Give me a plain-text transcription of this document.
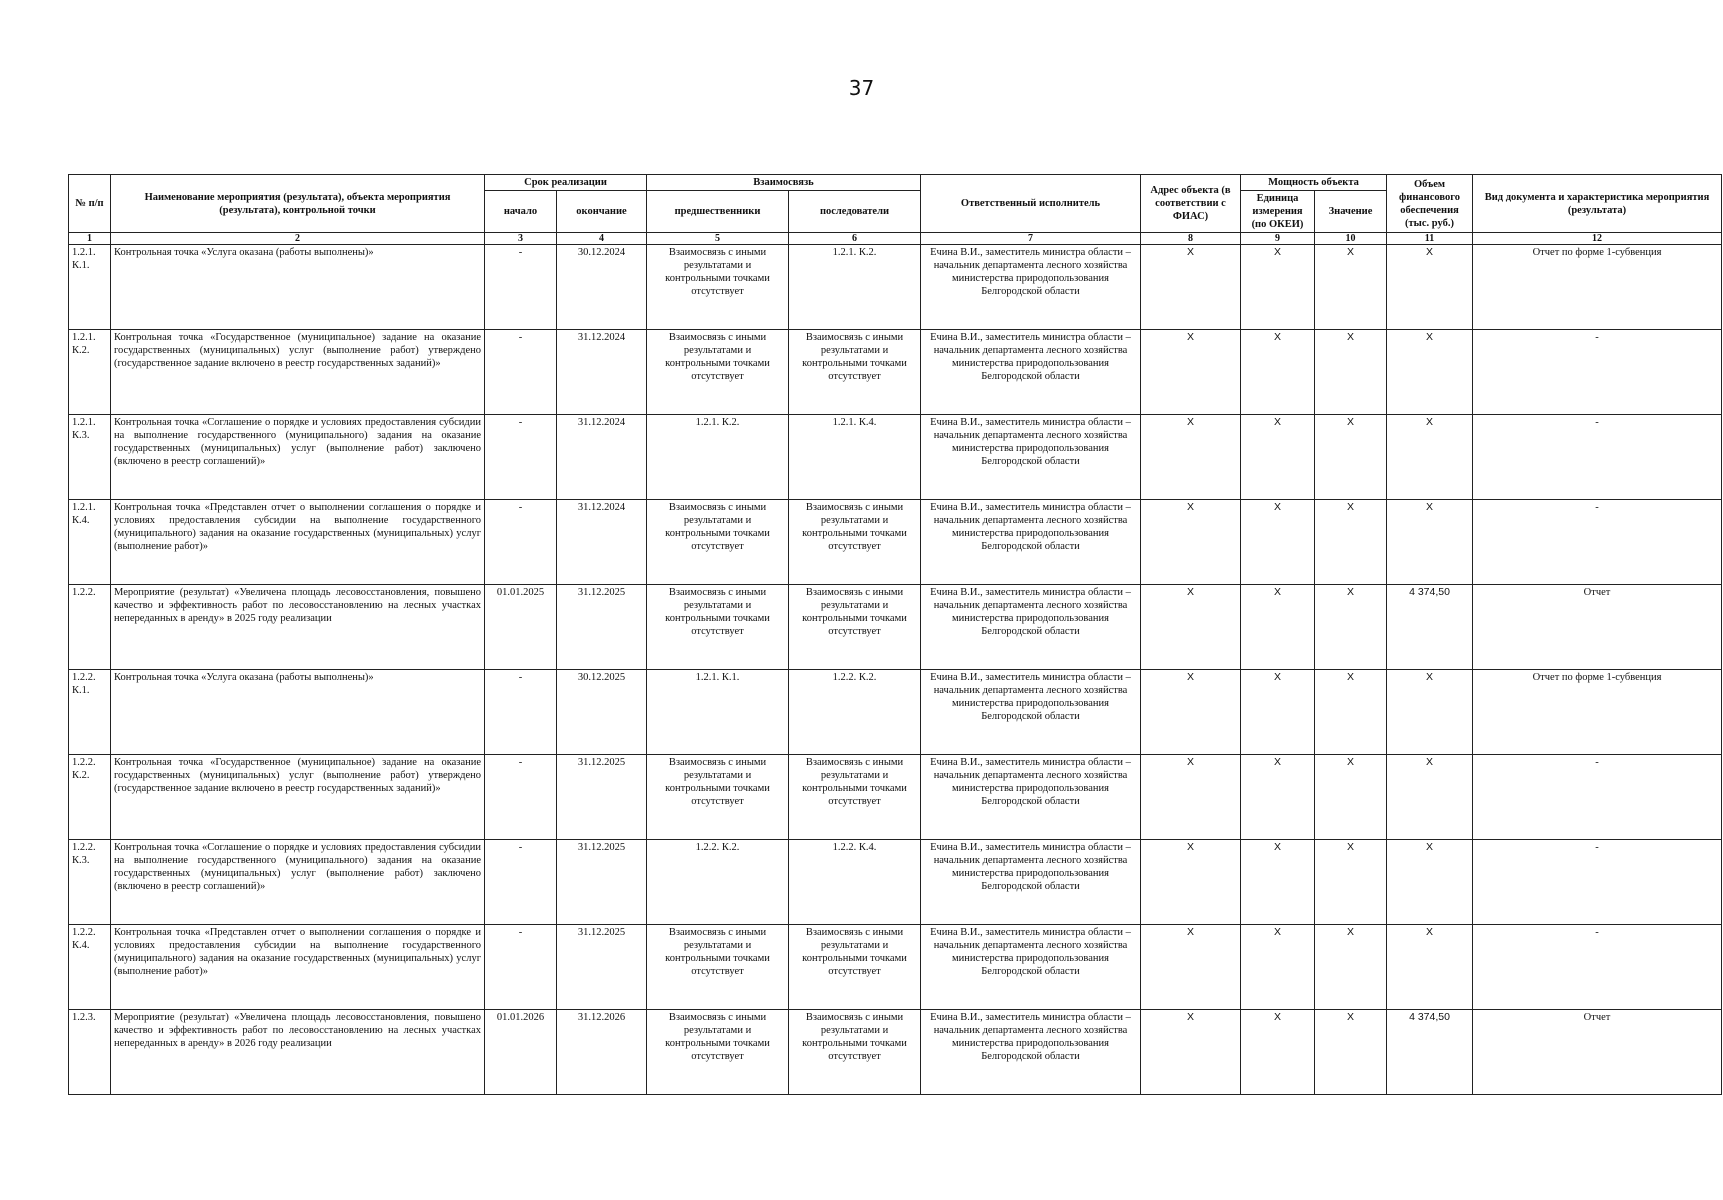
37
№ п/п	Наименование мероприятия (результата), объекта мероприятия (результата), контрольной точки	Срок реализации		Взаимосвязь		Ответственный исполнитель	Адрес объекта (в соответствии с ФИАС)	Мощность объекта		Объем финансового обеспечения (тыс. руб.)	Вид документа и характеристика мероприятия (результата)
		начало	окончание	предшественники	последователи			Единица измерения (по ОКЕИ)	Значение		
1	2	3	4	5	6	7	8	9	10	11	12
1.2.1. К.1.	Контрольная точка «Услуга оказана (работы выполнены)»	-	30.12.2024	Взаимосвязь с иными результатами и контрольными точками отсутствует	1.2.1. К.2.	Ечина В.И., заместитель министра области – начальник департамента лесного хозяйства министерства природопользования Белгородской области	X	X	X	X	Отчет по форме 1-субвенция
1.2.1. К.2.	Контрольная точка «Государственное (муниципальное) задание на оказание государственных (муниципальных) услуг (выполнение работ) утверждено (государственное задание включено в реестр государственных заданий)»	-	31.12.2024	Взаимосвязь с иными результатами и контрольными точками отсутствует	Взаимосвязь с иными результатами и контрольными точками отсутствует	Ечина В.И., заместитель министра области – начальник департамента лесного хозяйства министерства природопользования Белгородской области	X	X	X	X	-
1.2.1. К.3.	Контрольная точка «Соглашение о порядке и условиях предоставления субсидии на выполнение государственного (муниципального) задания на оказание государственных (муниципальных) услуг (выполнение работ) заключено (включено в реестр соглашений)»	-	31.12.2024	1.2.1. К.2.	1.2.1. К.4.	Ечина В.И., заместитель министра области – начальник департамента лесного хозяйства министерства природопользования Белгородской области	X	X	X	X	-
1.2.1. К.4.	Контрольная точка «Представлен отчет о выполнении соглашения о порядке и условиях предоставления субсидии на выполнение государственного (муниципального) задания на оказание государственных (муниципальных) услуг (выполнение работ)»	-	31.12.2024	Взаимосвязь с иными результатами и контрольными точками отсутствует	Взаимосвязь с иными результатами и контрольными точками отсутствует	Ечина В.И., заместитель министра области – начальник департамента лесного хозяйства министерства природопользования Белгородской области	X	X	X	X	-
1.2.2.	Мероприятие (результат) «Увеличена площадь лесовосстановления, повышено качество и эффективность работ по лесовосстановлению на лесных участках непереданных в аренду» в 2025 году реализации	01.01.2025	31.12.2025	Взаимосвязь с иными результатами и контрольными точками отсутствует	Взаимосвязь с иными результатами и контрольными точками отсутствует	Ечина В.И., заместитель министра области – начальник департамента лесного хозяйства министерства природопользования Белгородской области	X	X	X	4 374,50	Отчет
1.2.2. К.1.	Контрольная точка «Услуга оказана (работы выполнены)»	-	30.12.2025	1.2.1. К.1.	1.2.2. К.2.	Ечина В.И., заместитель министра области – начальник департамента лесного хозяйства министерства природопользования Белгородской области	X	X	X	X	Отчет по форме 1-субвенция
1.2.2. К.2.	Контрольная точка «Государственное (муниципальное) задание на оказание государственных (муниципальных) услуг (выполнение работ) утверждено (государственное задание включено в реестр государственных заданий)»	-	31.12.2025	Взаимосвязь с иными результатами и контрольными точками отсутствует	Взаимосвязь с иными результатами и контрольными точками отсутствует	Ечина В.И., заместитель министра области – начальник департамента лесного хозяйства министерства природопользования Белгородской области	X	X	X	X	-
1.2.2. К.3.	Контрольная точка «Соглашение о порядке и условиях предоставления субсидии на выполнение государственного (муниципального) задания на оказание государственных (муниципальных) услуг (выполнение работ) заключено (включено в реестр соглашений)»	-	31.12.2025	1.2.2. К.2.	1.2.2. К.4.	Ечина В.И., заместитель министра области – начальник департамента лесного хозяйства министерства природопользования Белгородской области	X	X	X	X	-
1.2.2. К.4.	Контрольная точка «Представлен отчет о выполнении соглашения о порядке и условиях предоставления субсидии на выполнение государственного (муниципального) задания на оказание государственных (муниципальных) услуг (выполнение работ)»	-	31.12.2025	Взаимосвязь с иными результатами и контрольными точками отсутствует	Взаимосвязь с иными результатами и контрольными точками отсутствует	Ечина В.И., заместитель министра области – начальник департамента лесного хозяйства министерства природопользования Белгородской области	X	X	X	X	-
1.2.3.	Мероприятие (результат) «Увеличена площадь лесовосстановления, повышено качество и эффективность работ по лесовосстановлению на лесных участках непереданных в аренду» в 2026 году реализации	01.01.2026	31.12.2026	Взаимосвязь с иными результатами и контрольными точками отсутствует	Взаимосвязь с иными результатами и контрольными точками отсутствует	Ечина В.И., заместитель министра области – начальник департамента лесного хозяйства министерства природопользования Белгородской области	X	X	X	4 374,50	Отчет
